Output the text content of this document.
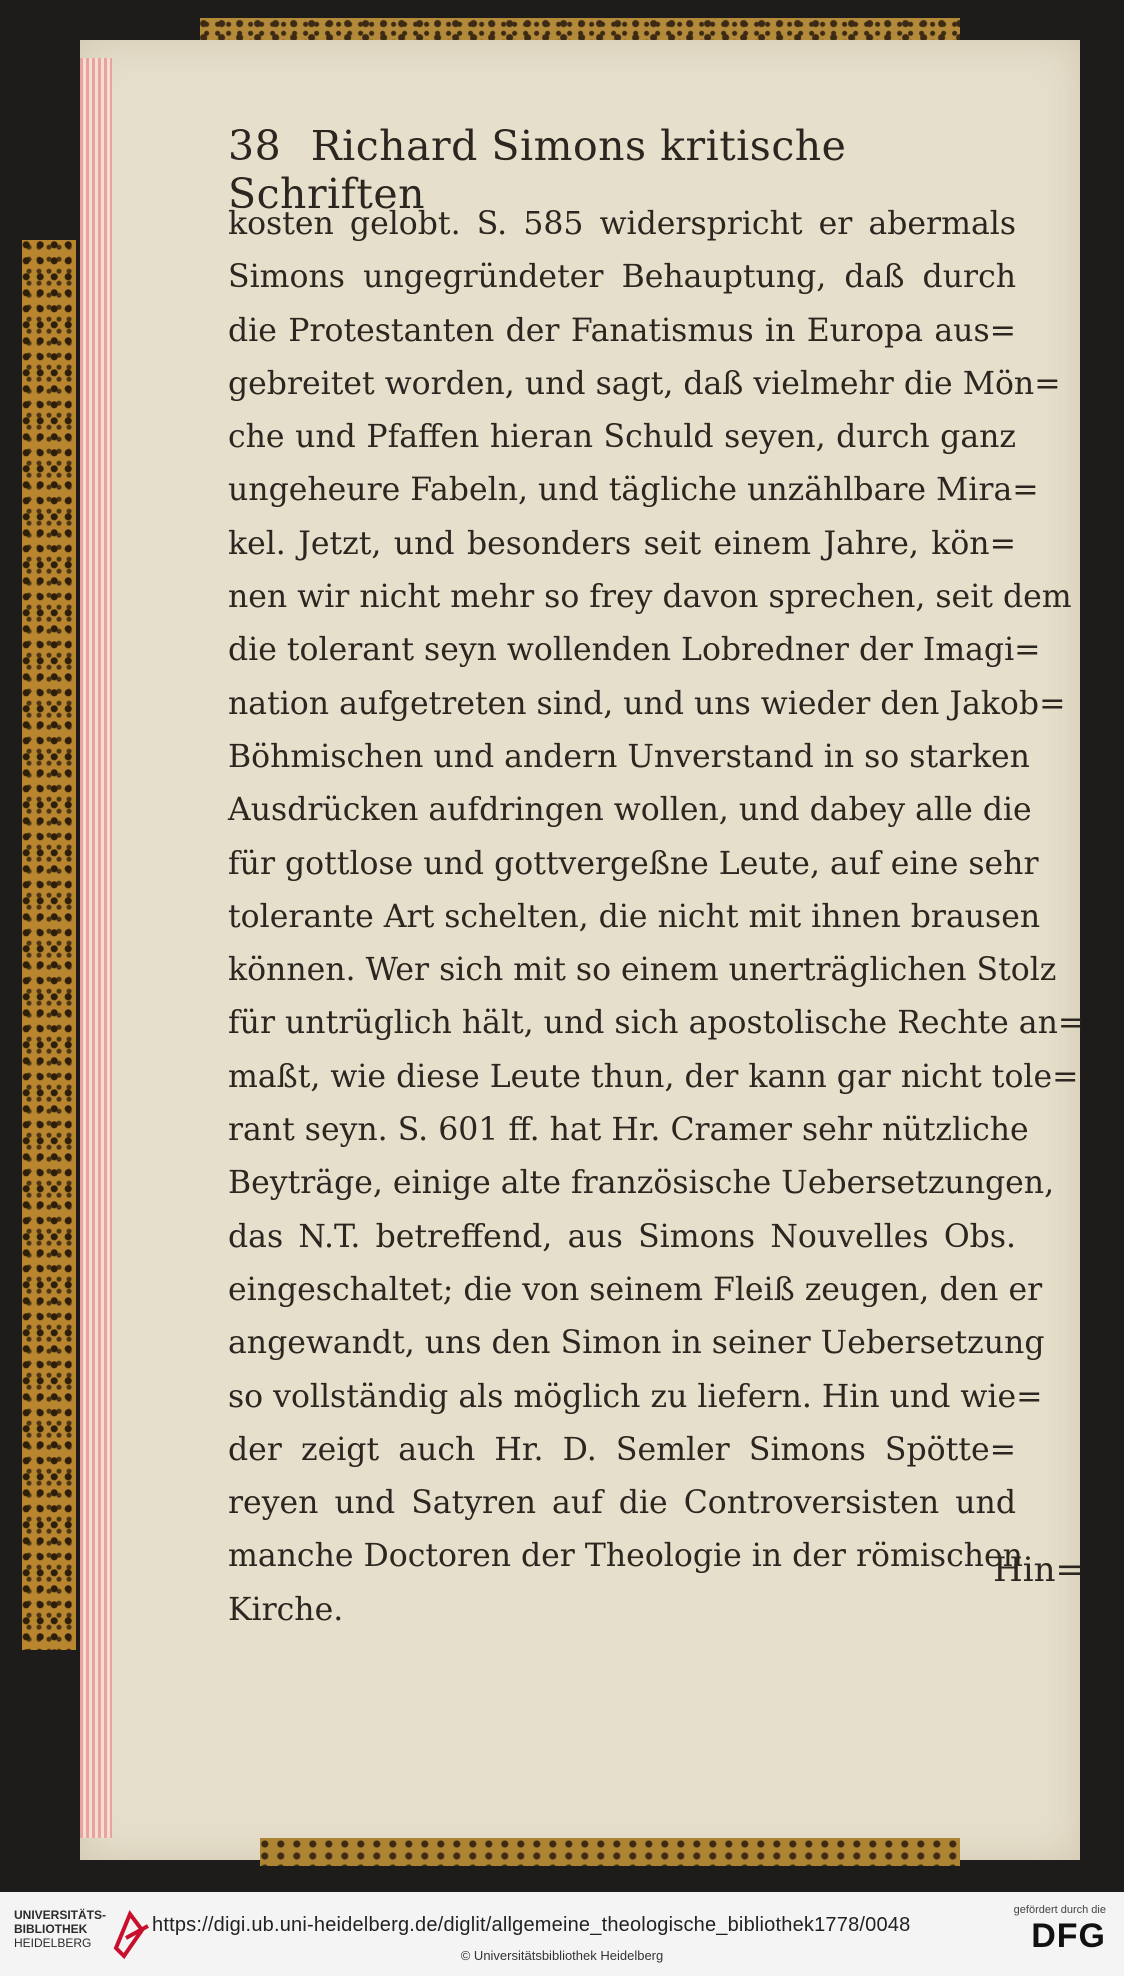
38 Richard Simons kritische Schriften
kosten gelobt. S. 585 widerspricht er abermals
Simons ungegründeter Behauptung, daß durch
die Protestanten der Fanatismus in Europa aus=
gebreitet worden, und sagt, daß vielmehr die Mön=
che und Pfaffen hieran Schuld seyen, durch ganz
ungeheure Fabeln, und tägliche unzählbare Mira=
kel. Jetzt, und besonders seit einem Jahre, kön=
nen wir nicht mehr so frey davon sprechen, seit dem
die tolerant seyn wollenden Lobredner der Imagi=
nation aufgetreten sind, und uns wieder den Jakob=
Böhmischen und andern Unverstand in so starken
Ausdrücken aufdringen wollen, und dabey alle die
für gottlose und gottvergeßne Leute, auf eine sehr
tolerante Art schelten, die nicht mit ihnen brausen
können. Wer sich mit so einem unerträglichen Stolz
für untrüglich hält, und sich apostolische Rechte an=
maßt, wie diese Leute thun, der kann gar nicht tole=
rant seyn. S. 601 ff. hat Hr. Cramer sehr nützliche
Beyträge, einige alte französische Uebersetzungen,
das N.T. betreffend, aus Simons Nouvelles Obs.
eingeschaltet; die von seinem Fleiß zeugen, den er
angewandt, uns den Simon in seiner Uebersetzung
so vollständig als möglich zu liefern. Hin und wie=
der zeigt auch Hr. D. Semler Simons Spötte=
reyen und Satyren auf die Controversisten und
manche Doctoren der Theologie in der römischen
Kirche.
Hin=
UNIVERSITÄTS-
BIBLIOTHEK
HEIDELBERG
https://digi.ub.uni-heidelberg.de/diglit/allgemeine_theologische_bibliothek1778/0048
© Universitätsbibliothek Heidelberg
gefördert durch die
DFG
